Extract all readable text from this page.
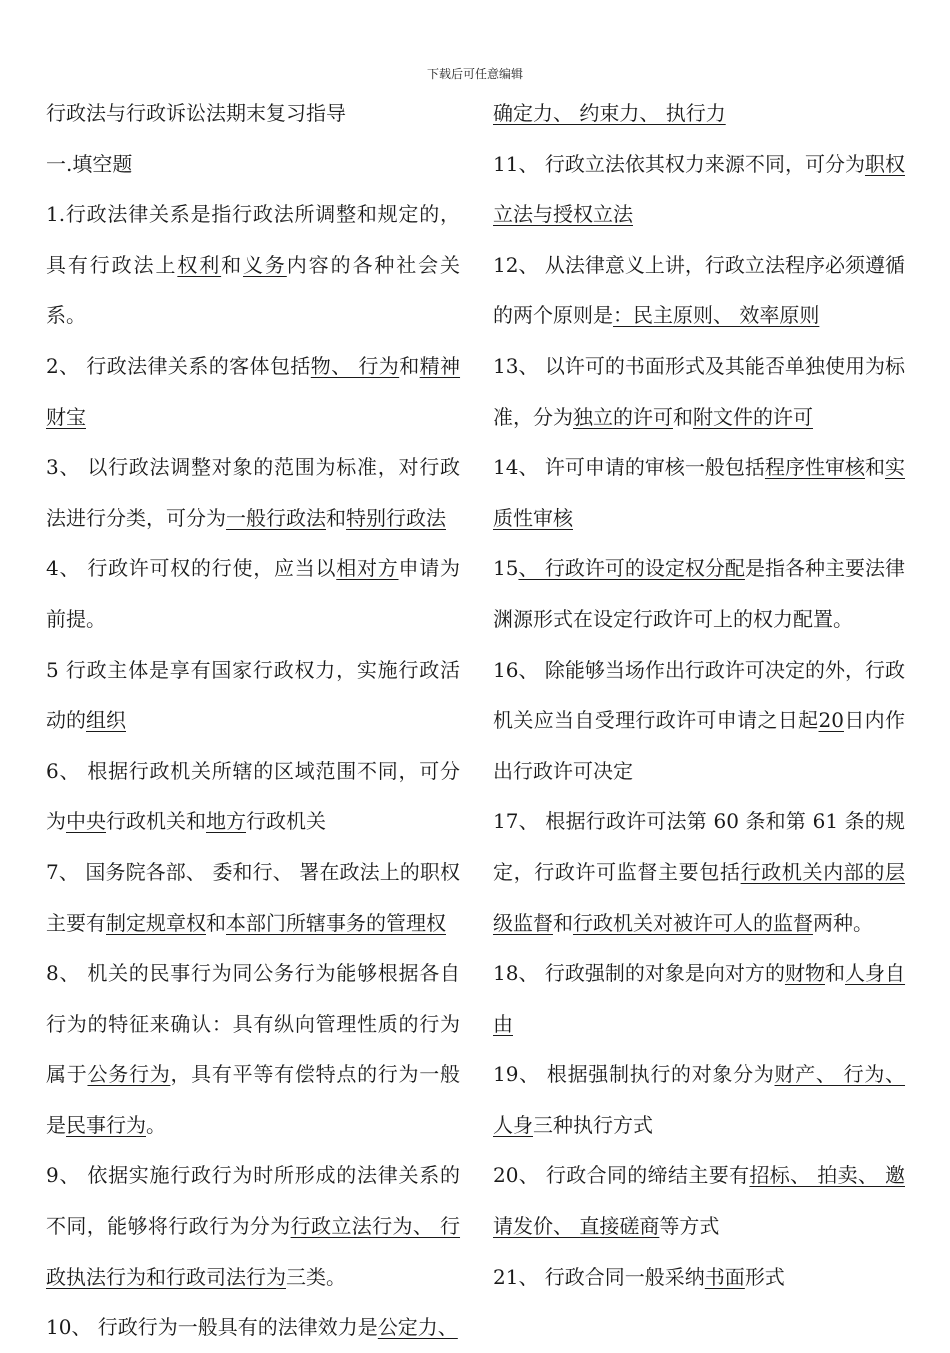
下载后可任意编辑

行政法与行政诉讼法期末复习指导

一.填空题

1.行政法律关系是指行政法所调整和规定的，具有行政法上权利和义务内容的各种社会关系。

2、 行政法律关系的客体包括物、 行为和精神财宝

3、 以行政法调整对象的范围为标准，对行政法进行分类，可分为一般行政法和特别行政法

4、 行政许可权的行使，应当以相对方申请为前提。

5 行政主体是享有国家行政权力，实施行政活动的组织

6、 根据行政机关所辖的区域范围不同，可分为中央行政机关和地方行政机关

7、 国务院各部、 委和行、 署在政法上的职权主要有制定规章权和本部门所辖事务的管理权

8、 机关的民事行为同公务行为能够根据各自行为的特征来确认：具有纵向管理性质的行为属于公务行为，具有平等有偿特点的行为一般是民事行为。

9、 依据实施行政行为时所形成的法律关系的不同，能够将行政行为分为行政立法行为、 行政执法行为和行政司法行为三类。

10、 行政行为一般具有的法律效力是公定力、

确定力、 约束力、 执行力

11、 行政立法依其权力来源不同，可分为职权立法与授权立法

12、 从法律意义上讲，行政立法程序必须遵循的两个原则是：民主原则、 效率原则

13、 以许可的书面形式及其能否单独使用为标准，分为独立的许可和附文件的许可

14、 许可申请的审核一般包括程序性审核和实质性审核

15、 行政许可的设定权分配是指各种主要法律渊源形式在设定行政许可上的权力配置。

16、 除能够当场作出行政许可决定的外，行政机关应当自受理行政许可申请之日起20日内作出行政许可决定

17、 根据行政许可法第 60 条和第 61 条的规定，行政许可监督主要包括行政机关内部的层级监督和行政机关对被许可人的监督两种。

18、 行政强制的对象是向对方的财物和人身自由

19、 根据强制执行的对象分为财产、 行为、 人身三种执行方式

20、 行政合同的缔结主要有招标、 拍卖、 邀请发价、 直接磋商等方式

21、 行政合同一般采纳书面形式
